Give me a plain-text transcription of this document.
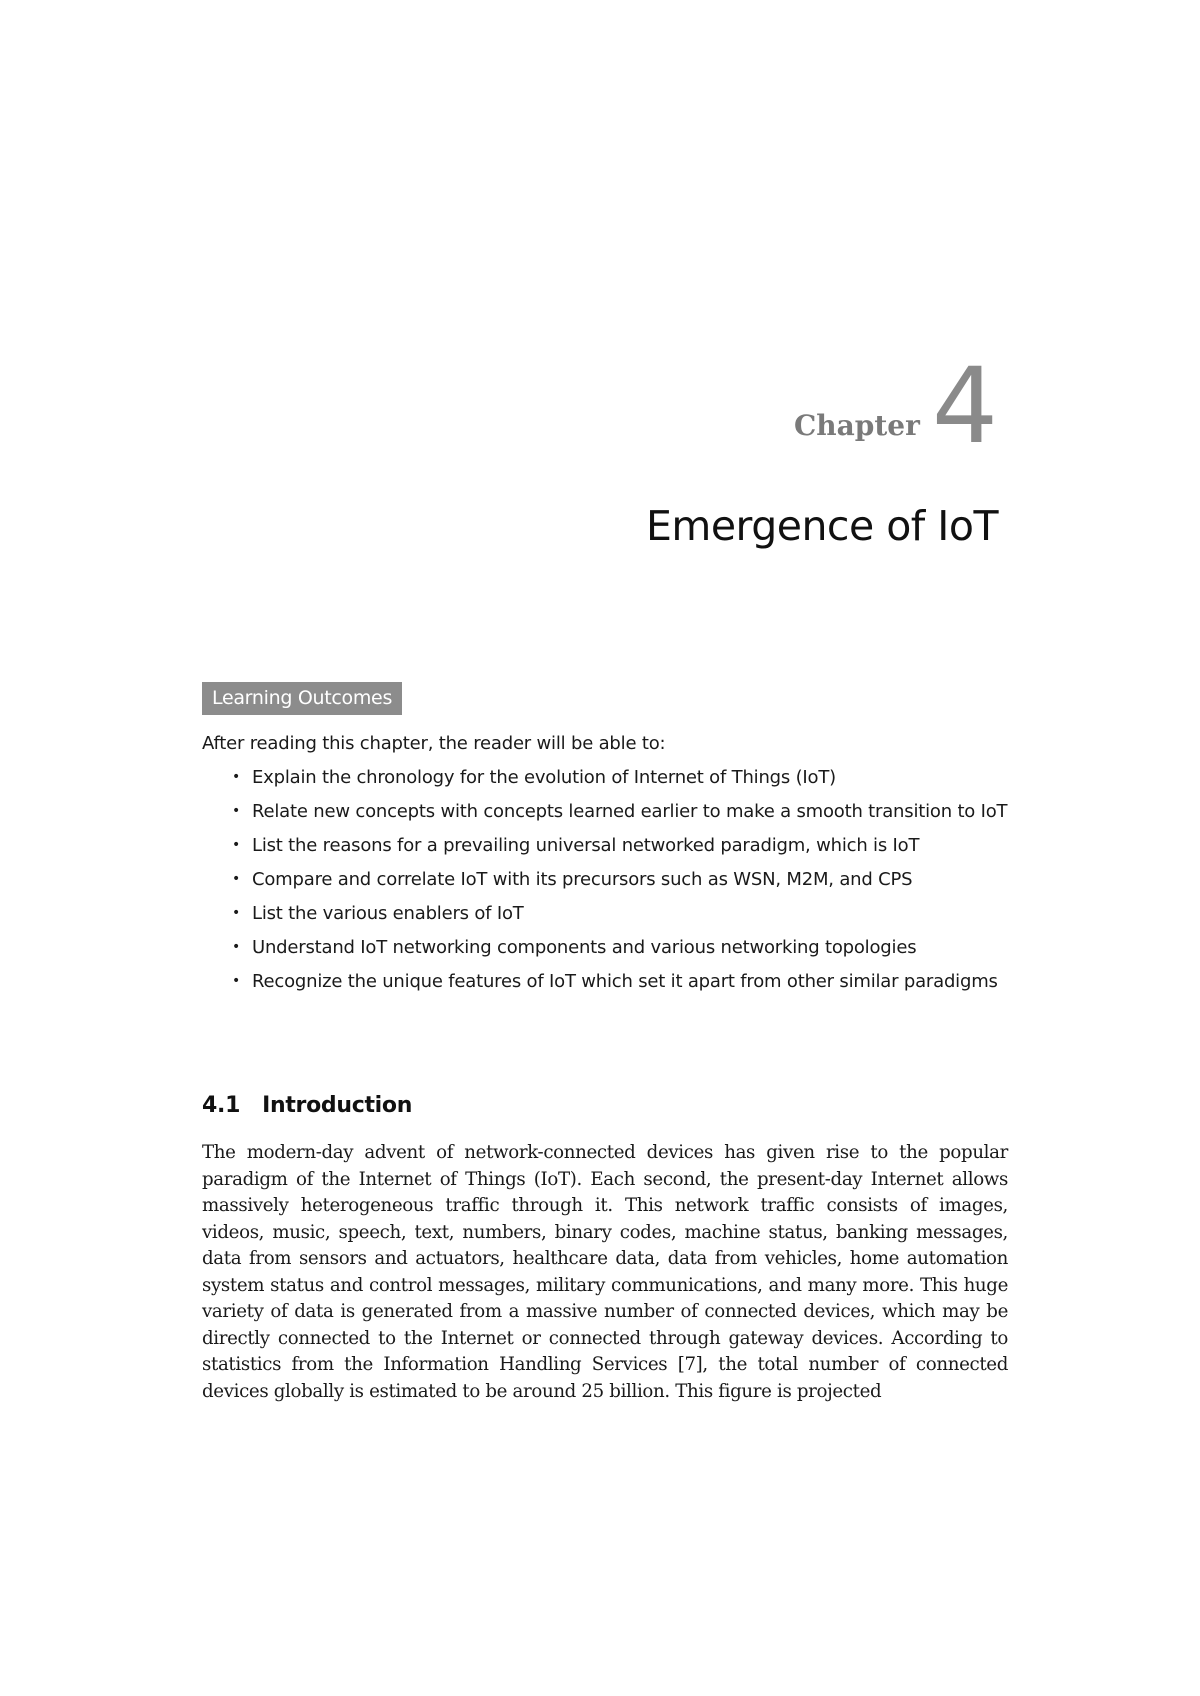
Chapter 4
Emergence of IoT
Learning Outcomes
After reading this chapter, the reader will be able to:
• Explain the chronology for the evolution of Internet of Things (IoT)
• Relate new concepts with concepts learned earlier to make a smooth transition to IoT
• List the reasons for a prevailing universal networked paradigm, which is IoT
• Compare and correlate IoT with its precursors such as WSN, M2M, and CPS
• List the various enablers of IoT
• Understand IoT networking components and various networking topologies
• Recognize the unique features of IoT which set it apart from other similar paradigms
4.1 Introduction

The modern-day advent of network-connected devices has given rise to the popular paradigm of the Internet of Things (IoT). Each second, the present-day Internet allows massively heterogeneous traffic through it. This network traffic consists of images, videos, music, speech, text, numbers, binary codes, machine status, banking messages, data from sensors and actuators, healthcare data, data from vehicles, home automation system status and control messages, military communications, and many more. This huge variety of data is generated from a massive number of connected devices, which may be directly connected to the Internet or connected through gateway devices. According to statistics from the Information Handling Services [7], the total number of connected devices globally is estimated to be around 25 billion. This figure is projected
